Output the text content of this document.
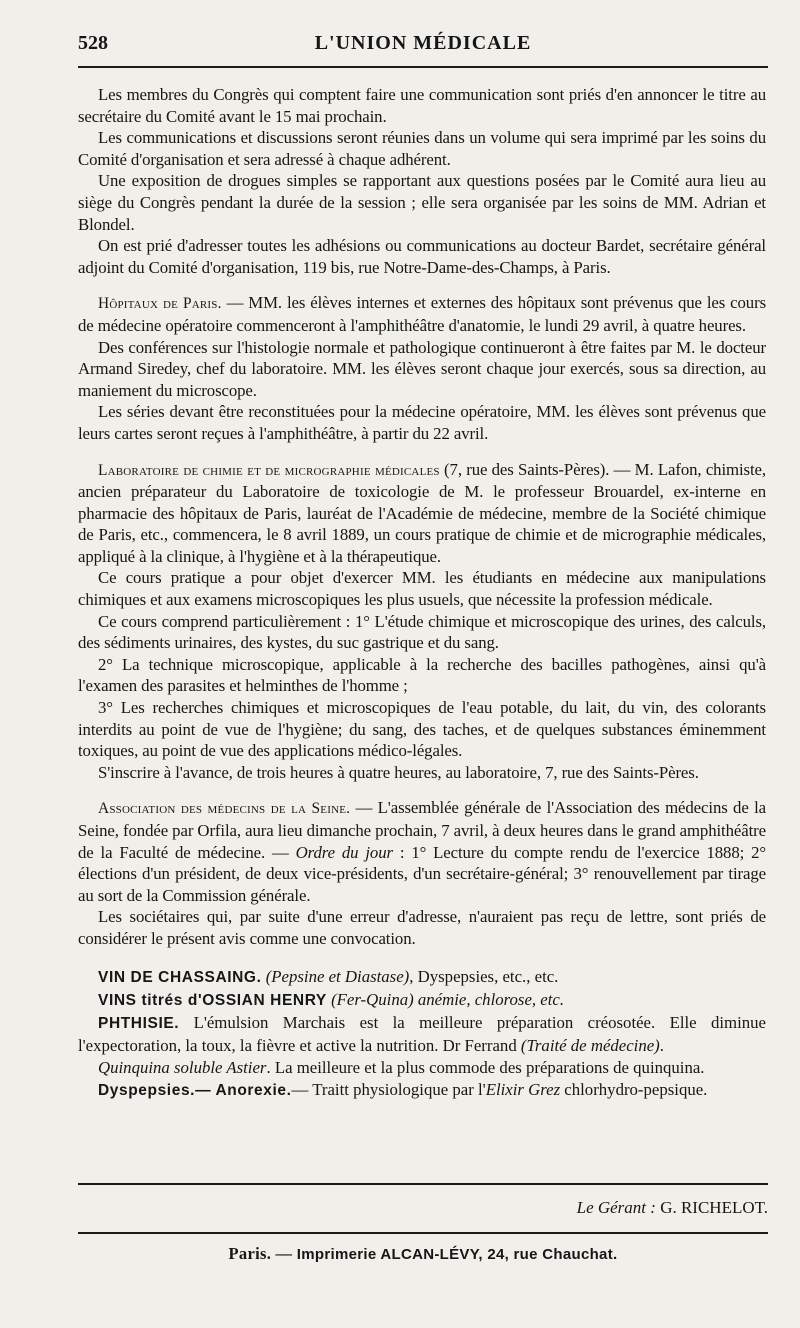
528	L'UNION MÉDICALE

Les membres du Congrès qui comptent faire une communication sont priés d'en annoncer le titre au secrétaire du Comité avant le 15 mai prochain.

Les communications et discussions seront réunies dans un volume qui sera imprimé par les soins du Comité d'organisation et sera adressé à chaque adhérent.

Une exposition de drogues simples se rapportant aux questions posées par le Comité aura lieu au siège du Congrès pendant la durée de la session ; elle sera organisée par les soins de MM. Adrian et Blondel.

On est prié d'adresser toutes les adhésions ou communications au docteur Bardet, secrétaire général adjoint du Comité d'organisation, 119 bis, rue Notre-Dame-des-Champs, à Paris.

Hôpitaux de Paris. — MM. les élèves internes et externes des hôpitaux sont prévenus que les cours de médecine opératoire commenceront à l'amphithéâtre d'anatomie, le lundi 29 avril, à quatre heures.

Des conférences sur l'histologie normale et pathologique continueront à être faites par M. le docteur Armand Siredey, chef du laboratoire. MM. les élèves seront chaque jour exercés, sous sa direction, au maniement du microscope.

Les séries devant être reconstituées pour la médecine opératoire, MM. les élèves sont prévenus que leurs cartes seront reçues à l'amphithéâtre, à partir du 22 avril.

Laboratoire de chimie et de micrographie médicales (7, rue des Saints-Pères). — M. Lafon, chimiste, ancien préparateur du Laboratoire de toxicologie de M. le professeur Brouardel, ex-interne en pharmacie des hôpitaux de Paris, lauréat de l'Académie de médecine, membre de la Société chimique de Paris, etc., commencera, le 8 avril 1889, un cours pratique de chimie et de micrographie médicales, appliqué à la clinique, à l'hygiène et à la thérapeutique.

Ce cours pratique a pour objet d'exercer MM. les étudiants en médecine aux manipulations chimiques et aux examens microscopiques les plus usuels, que nécessite la profession médicale.

Ce cours comprend particulièrement : 1° L'étude chimique et microscopique des urines, des calculs, des sédiments urinaires, des kystes, du suc gastrique et du sang.

2° La technique microscopique, applicable à la recherche des bacilles pathogènes, ainsi qu'à l'examen des parasites et helminthes de l'homme ;

3° Les recherches chimiques et microscopiques de l'eau potable, du lait, du vin, des colorants interdits au point de vue de l'hygiène; du sang, des taches, et de quelques substances éminemment toxiques, au point de vue des applications médico-légales.

S'inscrire à l'avance, de trois heures à quatre heures, au laboratoire, 7, rue des Saints-Pères.

Association des médecins de la Seine. — L'assemblée générale de l'Association des médecins de la Seine, fondée par Orfila, aura lieu dimanche prochain, 7 avril, à deux heures dans le grand amphithéâtre de la Faculté de médecine. — Ordre du jour : 1° Lecture du compte rendu de l'exercice 1888; 2° élections d'un président, de deux vice-présidents, d'un secrétaire-général; 3° renouvellement par tirage au sort de la Commission générale.

Les sociétaires qui, par suite d'une erreur d'adresse, n'auraient pas reçu de lettre, sont priés de considérer le présent avis comme une convocation.

VIN DE CHASSAING. (Pepsine et Diastase), Dyspepsies, etc., etc.

VINS titrés d'OSSIAN HENRY (Fer-Quina) anémie, chlorose, etc.

PHTHISIE. L'émulsion Marchais est la meilleure préparation créosotée. Elle diminue l'expectoration, la toux, la fièvre et active la nutrition. Dr Ferrand (Traité de médecine).

Quinquina soluble Astier. La meilleure et la plus commode des préparations de quinquina.

Dyspepsies.— Anorexie.— Traitt physiologique par l'Elixir Grez chlorhydro-pepsique.

Le Gérant : G. RICHELOT.
Paris. — Imprimerie ALCAN-LÉVY, 24, rue Chauchat.
